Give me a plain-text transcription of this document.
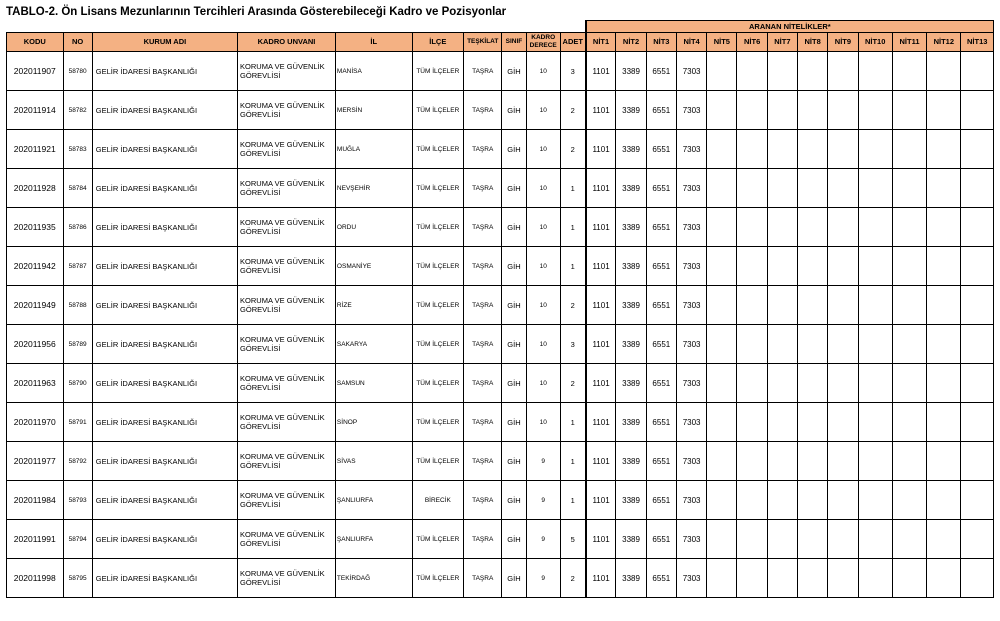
TABLO-2. Ön Lisans Mezunlarının Tercihleri Arasında Gösterebileceği Kadro ve Pozisyonlar
										ARANAN NİTELİKLER*												
KODU	NO	KURUM ADI	KADRO UNVANI	İL	İLÇE	TEŞKİLAT	SINIF	KADRO DERECE	ADET	NİT1	NİT2	NİT3	NİT4	NİT5	NİT6	NİT7	NİT8	NİT9	NİT10	NİT11	NİT12	NİT13
202011907	58780	GELİR İDARESİ BAŞKANLIĞI	KORUMA VE GÜVENLİK GÖREVLİSİ	MANİSA	TÜM İLÇELER	TAŞRA	GİH	10	3	1101	3389	6551	7303									
202011914	58782	GELİR İDARESİ BAŞKANLIĞI	KORUMA VE GÜVENLİK GÖREVLİSİ	MERSİN	TÜM İLÇELER	TAŞRA	GİH	10	2	1101	3389	6551	7303									
202011921	58783	GELİR İDARESİ BAŞKANLIĞI	KORUMA VE GÜVENLİK GÖREVLİSİ	MUĞLA	TÜM İLÇELER	TAŞRA	GİH	10	2	1101	3389	6551	7303									
202011928	58784	GELİR İDARESİ BAŞKANLIĞI	KORUMA VE GÜVENLİK GÖREVLİSİ	NEVŞEHİR	TÜM İLÇELER	TAŞRA	GİH	10	1	1101	3389	6551	7303									
202011935	58786	GELİR İDARESİ BAŞKANLIĞI	KORUMA VE GÜVENLİK GÖREVLİSİ	ORDU	TÜM İLÇELER	TAŞRA	GİH	10	1	1101	3389	6551	7303									
202011942	58787	GELİR İDARESİ BAŞKANLIĞI	KORUMA VE GÜVENLİK GÖREVLİSİ	OSMANİYE	TÜM İLÇELER	TAŞRA	GİH	10	1	1101	3389	6551	7303									
202011949	58788	GELİR İDARESİ BAŞKANLIĞI	KORUMA VE GÜVENLİK GÖREVLİSİ	RİZE	TÜM İLÇELER	TAŞRA	GİH	10	2	1101	3389	6551	7303									
202011956	58789	GELİR İDARESİ BAŞKANLIĞI	KORUMA VE GÜVENLİK GÖREVLİSİ	SAKARYA	TÜM İLÇELER	TAŞRA	GİH	10	3	1101	3389	6551	7303									
202011963	58790	GELİR İDARESİ BAŞKANLIĞI	KORUMA VE GÜVENLİK GÖREVLİSİ	SAMSUN	TÜM İLÇELER	TAŞRA	GİH	10	2	1101	3389	6551	7303									
202011970	58791	GELİR İDARESİ BAŞKANLIĞI	KORUMA VE GÜVENLİK GÖREVLİSİ	SİNOP	TÜM İLÇELER	TAŞRA	GİH	10	1	1101	3389	6551	7303									
202011977	58792	GELİR İDARESİ BAŞKANLIĞI	KORUMA VE GÜVENLİK GÖREVLİSİ	SİVAS	TÜM İLÇELER	TAŞRA	GİH	9	1	1101	3389	6551	7303									
202011984	58793	GELİR İDARESİ BAŞKANLIĞI	KORUMA VE GÜVENLİK GÖREVLİSİ	ŞANLIURFA	BİRECİK	TAŞRA	GİH	9	1	1101	3389	6551	7303									
202011991	58794	GELİR İDARESİ BAŞKANLIĞI	KORUMA VE GÜVENLİK GÖREVLİSİ	ŞANLIURFA	TÜM İLÇELER	TAŞRA	GİH	9	5	1101	3389	6551	7303									
202011998	58795	GELİR İDARESİ BAŞKANLIĞI	KORUMA VE GÜVENLİK GÖREVLİSİ	TEKİRDAĞ	TÜM İLÇELER	TAŞRA	GİH	9	2	1101	3389	6551	7303									
